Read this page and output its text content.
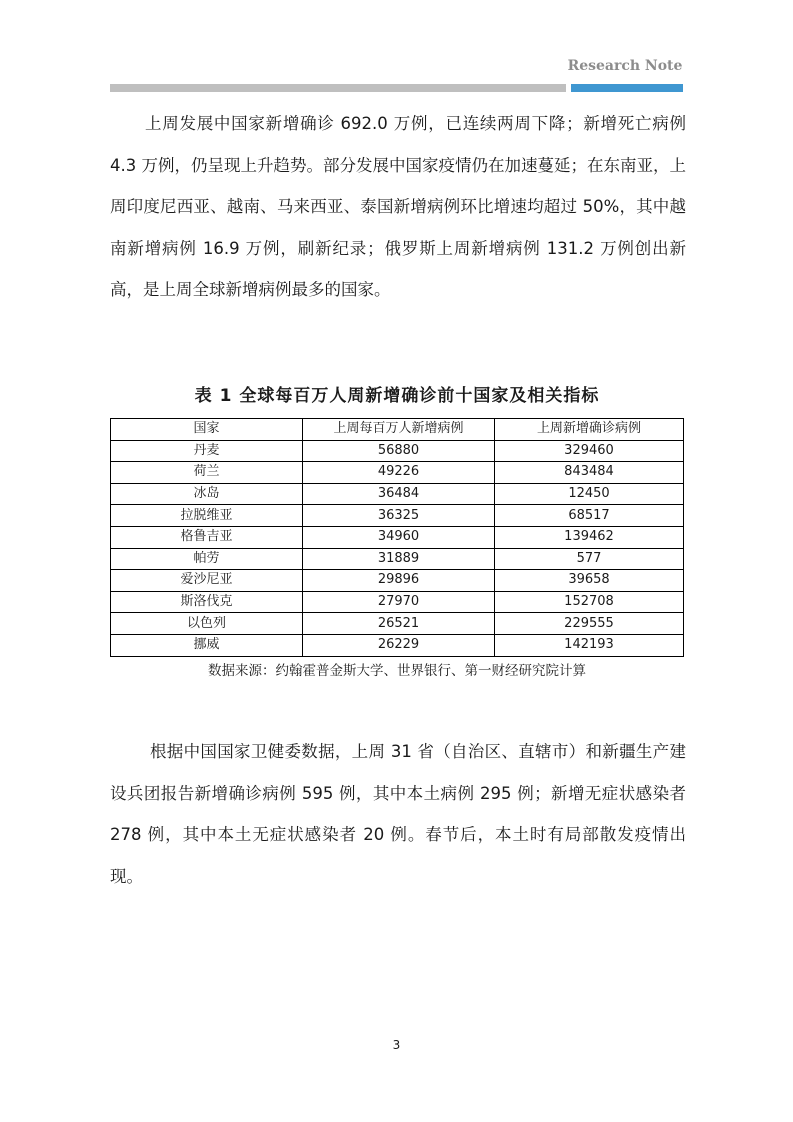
Research Note

上周发展中国家新增确诊 692.0 万例，已连续两周下降；新增死亡病例 4.3 万例，仍呈现上升趋势。部分发展中国家疫情仍在加速蔓延；在东南亚，上周印度尼西亚、越南、马来西亚、泰国新增病例环比增速均超过 50%，其中越南新增病例 16.9 万例，刷新纪录；俄罗斯上周新增病例 131.2 万例创出新高，是上周全球新增病例最多的国家。

表 1 全球每百万人周新增确诊前十国家及相关指标

国家	上周每百万人新增病例	上周新增确诊病例
丹麦	56880	329460
荷兰	49226	843484
冰岛	36484	12450
拉脱维亚	36325	68517
格鲁吉亚	34960	139462
帕劳	31889	577
爱沙尼亚	29896	39658
斯洛伐克	27970	152708
以色列	26521	229555
挪威	26229	142193
数据来源：约翰霍普金斯大学、世界银行、第一财经研究院计算

根据中国国家卫健委数据，上周 31 省（自治区、直辖市）和新疆生产建设兵团报告新增确诊病例 595 例，其中本土病例 295 例；新增无症状感染者 278 例，其中本土无症状感染者 20 例。春节后，本土时有局部散发疫情出现。

3
